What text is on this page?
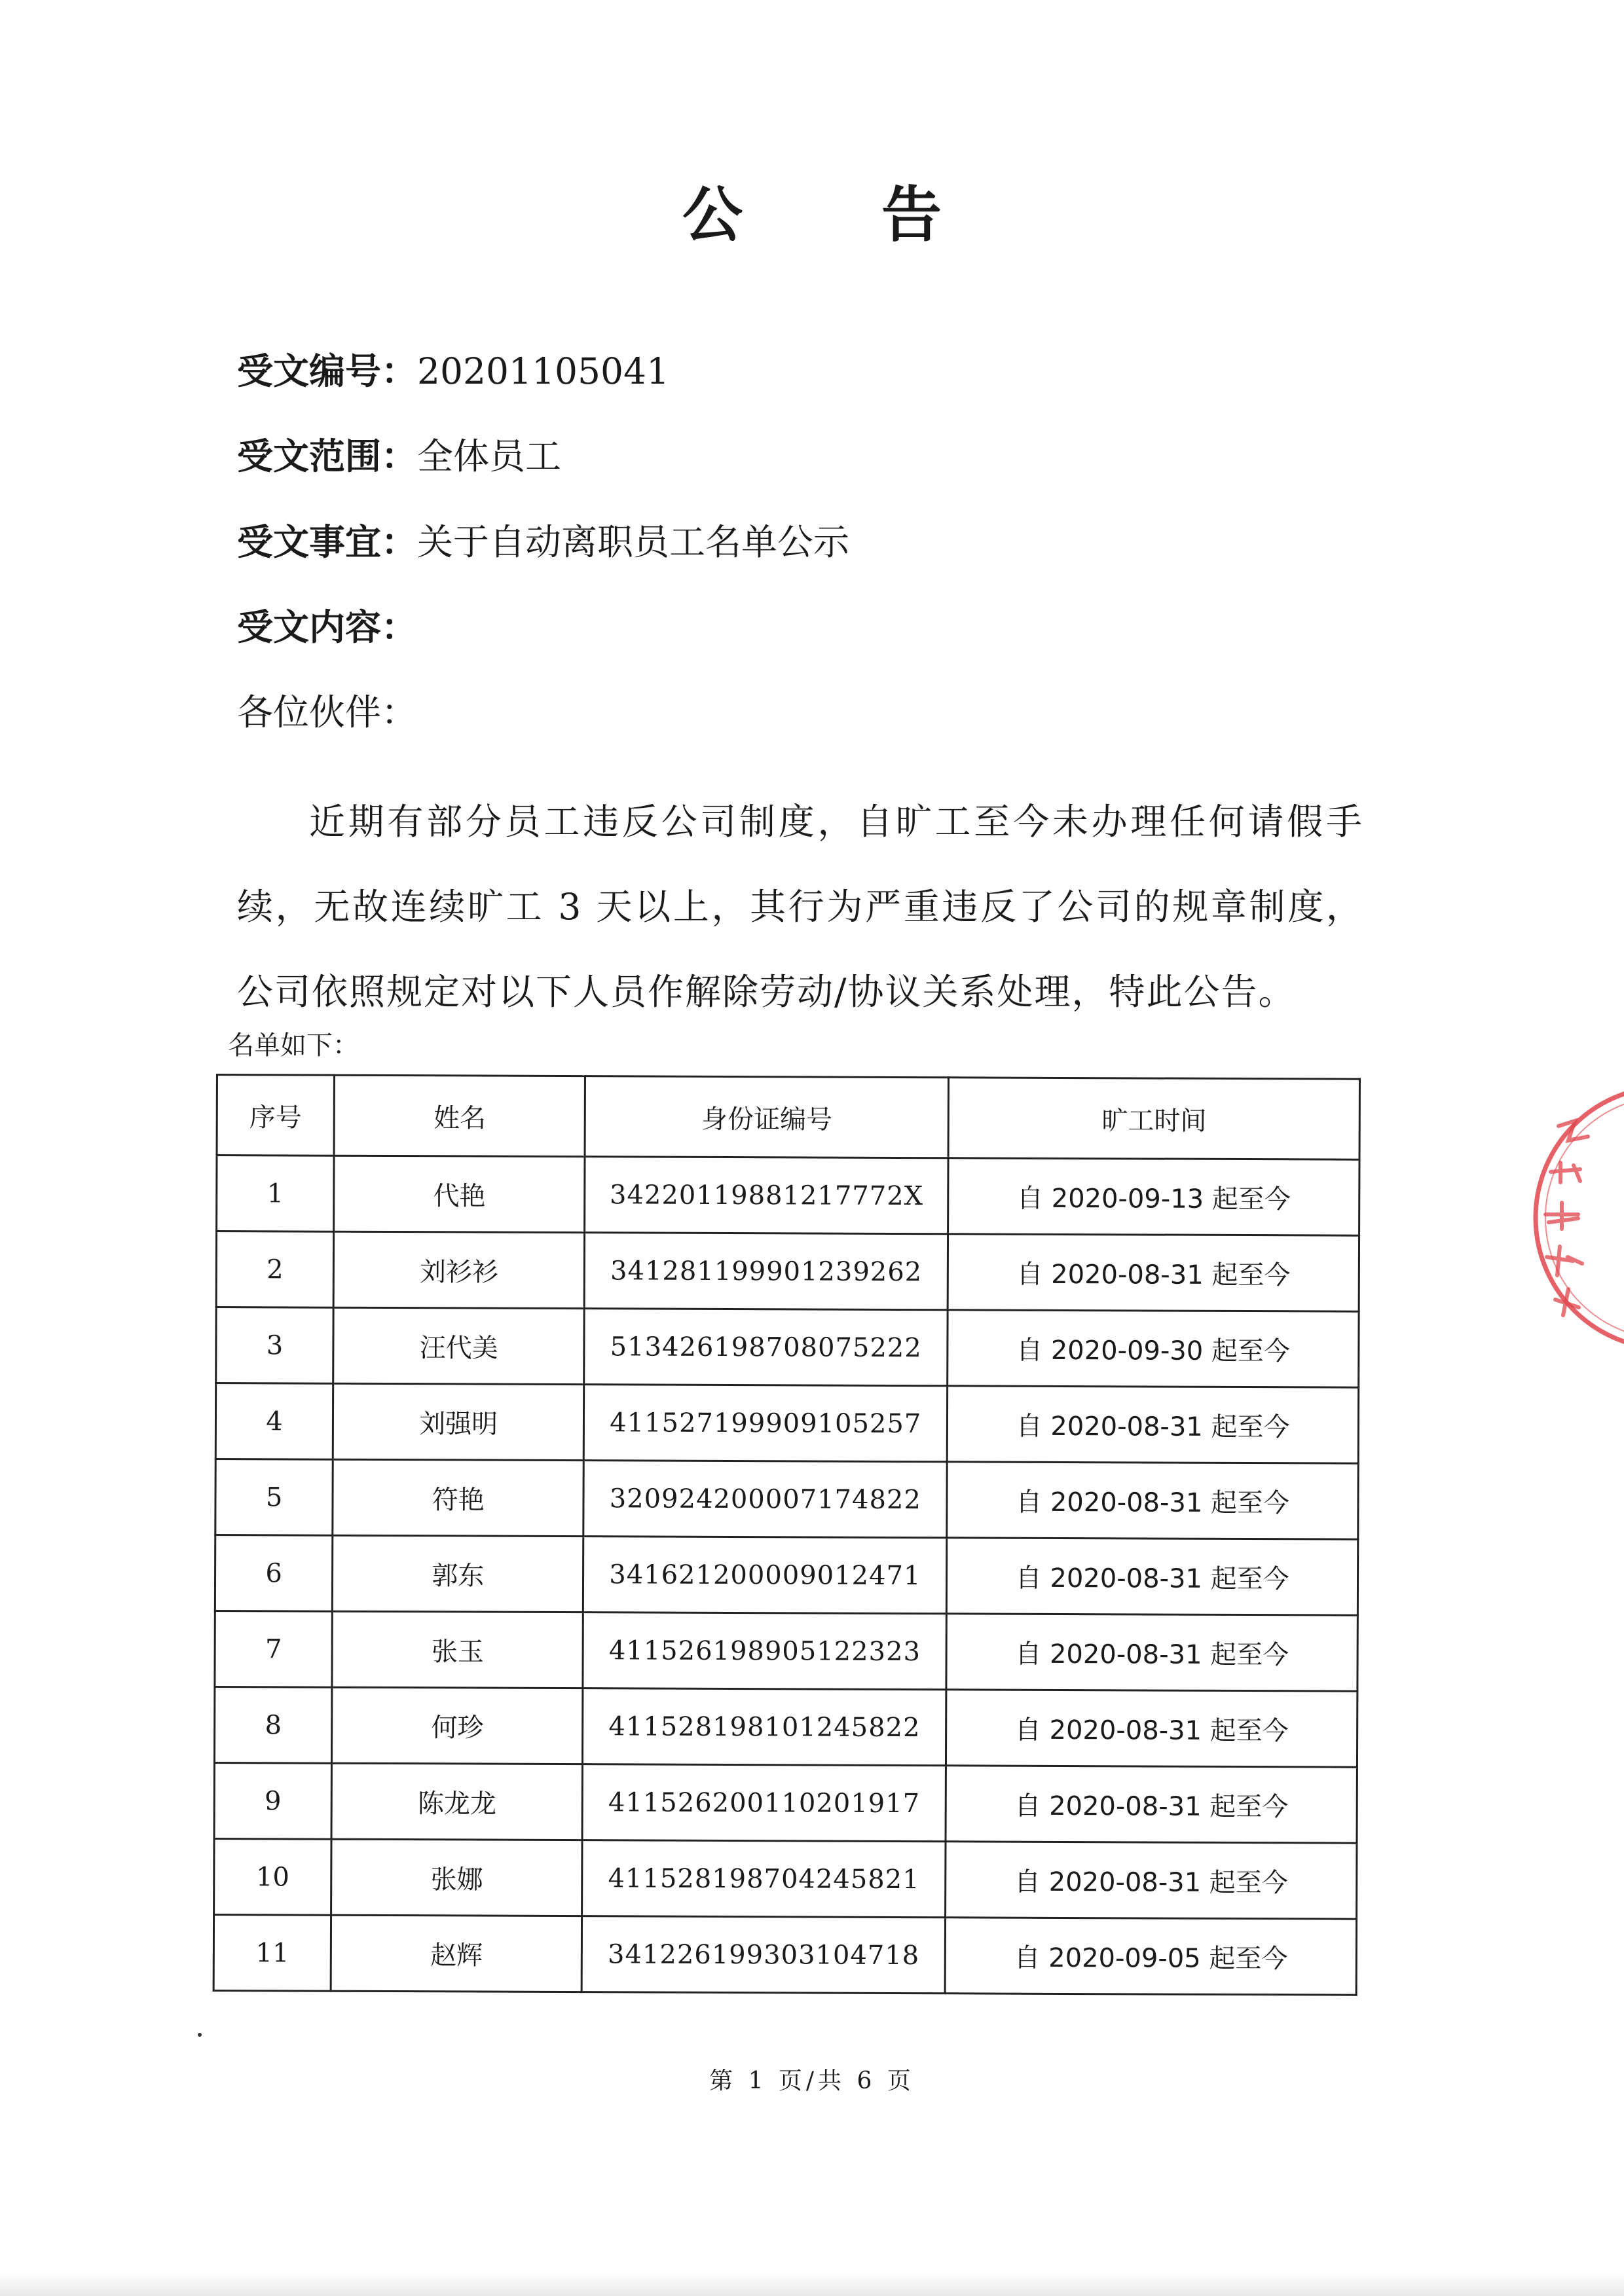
公 告
受文编号：20201105041
受文范围：全体员工
受文事宜：关于自动离职员工名单公示
受文内容：
各位伙伴：
近期有部分员工违反公司制度，自旷工至今未办理任何请假手续，无故连续旷工 3 天以上，其行为严重违反了公司的规章制度，公司依照规定对以下人员作解除劳动/协议关系处理，特此公告。
名单如下：
序号	姓名	身份证编号	旷工时间
1	代艳	34220119881217772X	自 2020-09-13 起至今
2	刘衫衫	341281199901239262	自 2020-08-31 起至今
3	汪代美	513426198708075222	自 2020-09-30 起至今
4	刘强明	411527199909105257	自 2020-08-31 起至今
5	符艳	320924200007174822	自 2020-08-31 起至今
6	郭东	341621200009012471	自 2020-08-31 起至今
7	张玉	411526198905122323	自 2020-08-31 起至今
8	何珍	411528198101245822	自 2020-08-31 起至今
9	陈龙龙	411526200110201917	自 2020-08-31 起至今
10	张娜	411528198704245821	自 2020-08-31 起至今
11	赵辉	341226199303104718	自 2020-09-05 起至今
第 1 页/共 6 页
